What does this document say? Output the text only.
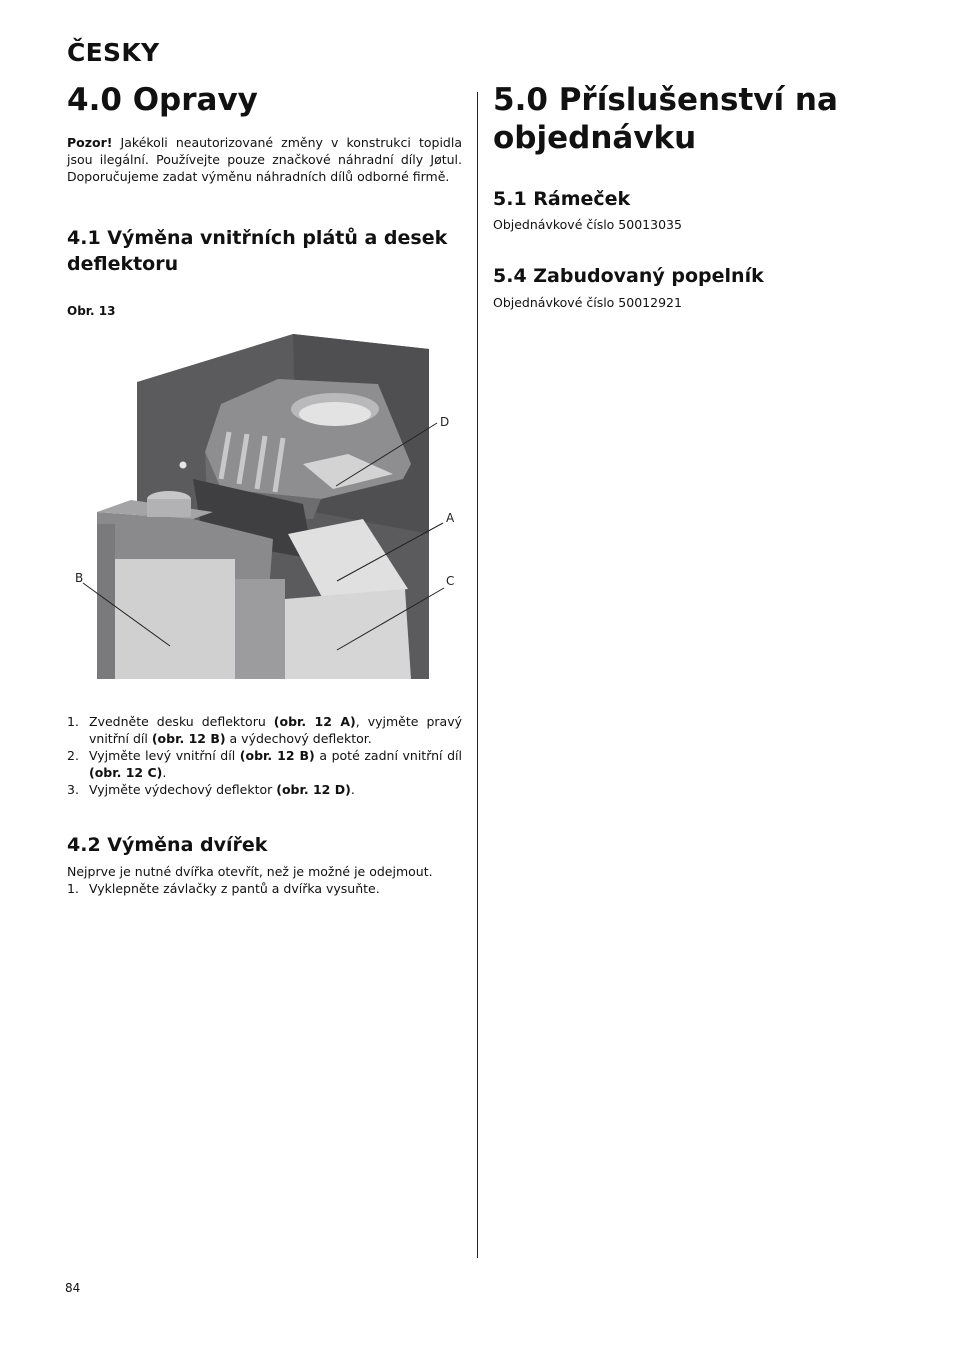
ČESKY
4.0 Opravy

Pozor! Jakékoli neautorizované změny v konstrukci topidla jsou ilegální. Používejte pouze značkové náhradní díly Jøtul. Doporučujeme zadat výměnu náhradních dílů odborné firmě.

4.1 Výměna vnitřních plátů a desek deflektoru
Obr. 13
D
A
C
B
1. Zvedněte desku deflektoru (obr. 12 A), vyjměte pravý vnitřní díl (obr. 12 B) a výdechový deflektor.
2. Vyjměte levý vnitřní díl (obr. 12 B) a poté zadní vnitřní díl (obr. 12 C).
3. Vyjměte výdechový deflektor (obr. 12 D).
4.2 Výměna dvířek

Nejprve je nutné dvířka otevřít, než je možné je odejmout.

1. Vyklepněte závlačky z pantů a dvířka vysuňte.

5.0 Příslušenství na objednávku
5.1 Rámeček

Objednávkové číslo 50013035

5.4 Zabudovaný popelník

Objednávkové číslo 50012921

84
